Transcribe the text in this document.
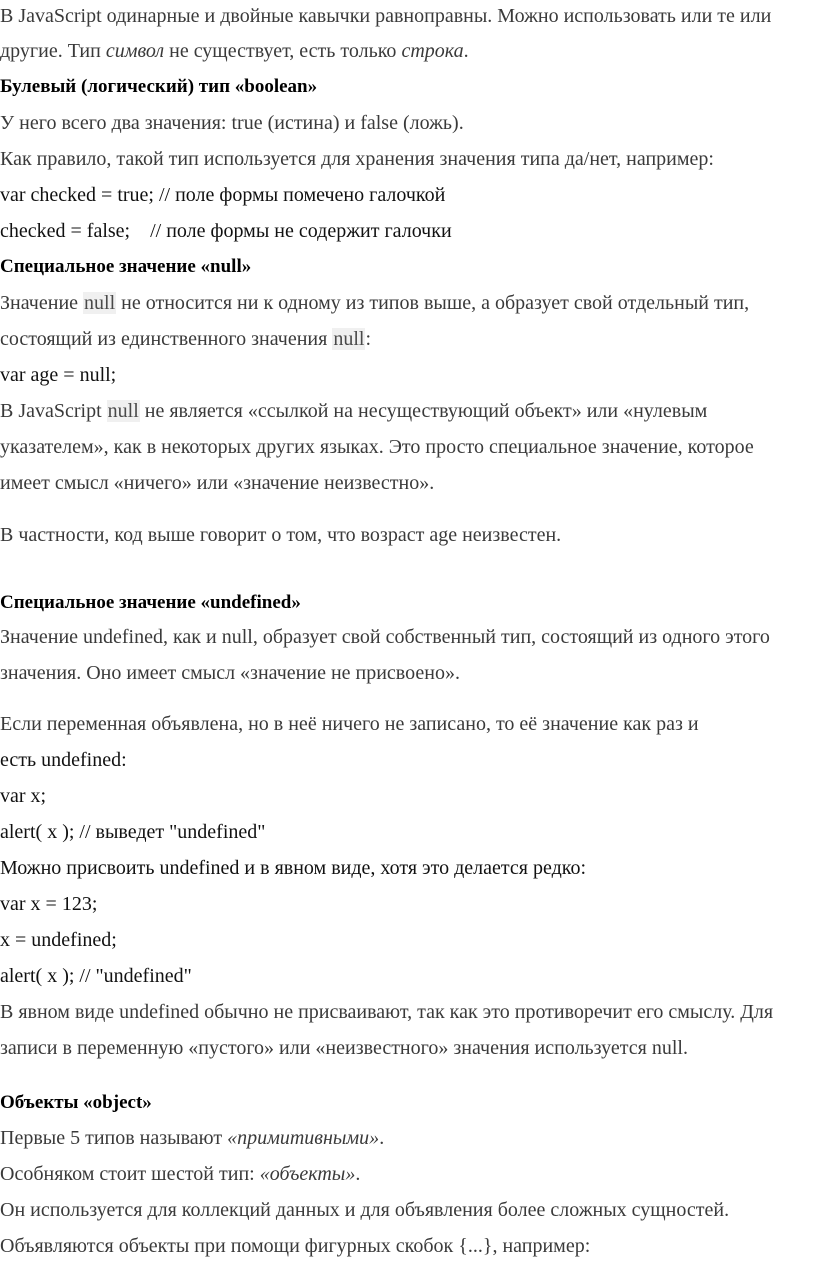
В JavaScript одинарные и двойные кавычки равноправны. Можно использовать или те или
другие. Тип символ не существует, есть только строка.
Булевый (логический) тип «boolean»
У него всего два значения: true (истина) и false (ложь).
Как правило, такой тип используется для хранения значения типа да/нет, например:
var checked = true; // поле формы помечено галочкой
checked = false;    // поле формы не содержит галочки
Специальное значение «null»
Значение null не относится ни к одному из типов выше, а образует свой отдельный тип,
состоящий из единственного значения null:
var age = null;
В JavaScript null не является «ссылкой на несуществующий объект» или «нулевым
указателем», как в некоторых других языках. Это просто специальное значение, которое
имеет смысл «ничего» или «значение неизвестно».
В частности, код выше говорит о том, что возраст age неизвестен.
Специальное значение «undefined»
Значение undefined, как и null, образует свой собственный тип, состоящий из одного этого
значения. Оно имеет смысл «значение не присвоено».
Если переменная объявлена, но в неё ничего не записано, то её значение как раз и
есть undefined:
var x;
alert( x ); // выведет "undefined"
Можно присвоить undefined и в явном виде, хотя это делается редко:
var x = 123;
x = undefined;
alert( x ); // "undefined"
В явном виде undefined обычно не присваивают, так как это противоречит его смыслу. Для
записи в переменную «пустого» или «неизвестного» значения используется null.
Объекты «object»
Первые 5 типов называют «примитивными».
Особняком стоит шестой тип: «объекты».
Он используется для коллекций данных и для объявления более сложных сущностей.
Объявляются объекты при помощи фигурных скобок {...}, например:
